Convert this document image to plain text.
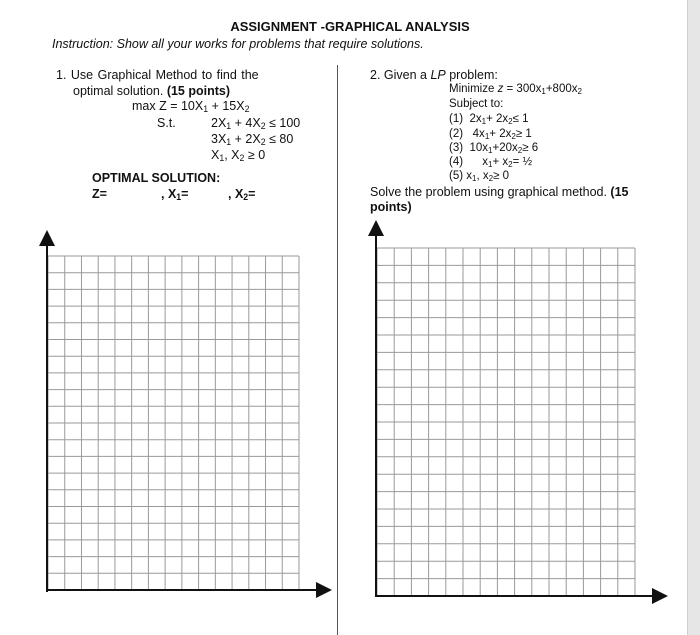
ASSIGNMENT -GRAPHICAL ANALYSIS
Instruction: Show all your works for problems that require solutions.
1. Use Graphical Method to find the
optimal solution. (15 points)
$\max Z = 10X_1 + 15X_2$
S.t.	$2X_1 + 4X_2 \le 100$
$3X_1 + 2X_2 \le 80$
$X_1$, $X_2 \ge 0$
OPTIMAL SOLUTION:
Z=	, $X_1=$	, $X_2=$
2. Given a LP problem:
Minimize $z = 300x_1+800x_2$
Subject to:
(1) $2x_1+ 2x_2\le 1$
(2) $4x_1+ 2x_2\ge 1$
(3) $10x_1+20x_2\ge 6$
(4) $x_1+ x_2=$ ½
(5) $x_1$, $x_2\ge 0$
Solve the problem using graphical method. (15
points)
